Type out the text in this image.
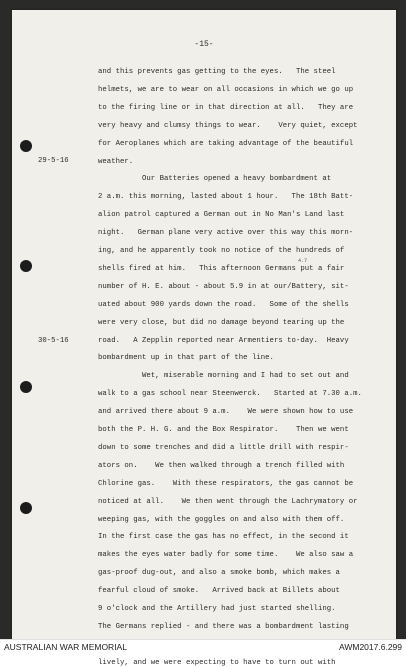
-15-
29-5-16
30-5-16
4.7
and this prevents gas getting to the eyes.   The steel
helmets, we are to wear on all occasions in which we go up
to the firing line or in that direction at all.   They are
very heavy and clumsy things to wear.    Very quiet, except
for Aeroplanes which are taking advantage of the beautiful
weather.
Our Batteries opened a heavy bombardment at
2 a.m. this morning, lasted about 1 hour.   The 18th Batt-
alion patrol captured a German out in No Man's Land last
night.   German plane very active over this way this morn-
ing, and he apparently took no notice of the hundreds of
shells fired at him.   This afternoon Germans put a fair
number of H. E. about - about 5.9 in at our/Battery, sit-
uated about 900 yards down the road.   Some of the shells
were very close, but did no damage beyond tearing up the
road.   A Zepplin reported near Armentiers to-day.  Heavy
bombardment up in that part of the line.
Wet, miserable morning and I had to set out and
walk to a gas school near Steenwerck.   Started at 7.30 a.m.
and arrived there about 9 a.m.    We were shown how to use
both the P. H. G. and the Box Respirator.    Then we went
down to some trenches and did a little drill with respir-
ators on.    We then walked through a trench filled with
Chlorine gas.    With these respirators, the gas cannot be
noticed at all.    We then went through the Lachrymatory or
weeping gas, with the goggles on and also with them off.
In the first case the gas has no effect, in the second it
makes the eyes water badly for some time.    We also saw a
gas-proof dug-out, and also a smoke bomb, which makes a
fearful cloud of smoke.   Arrived back at Billets about
9 o'clock and the Artillery had just started shelling.
The Germans replied - and there was a bombardment lasting
lively, and we were expecting to have to turn out with
AUSTRALIAN WAR MEMORIAL	AWM2017.6.299
